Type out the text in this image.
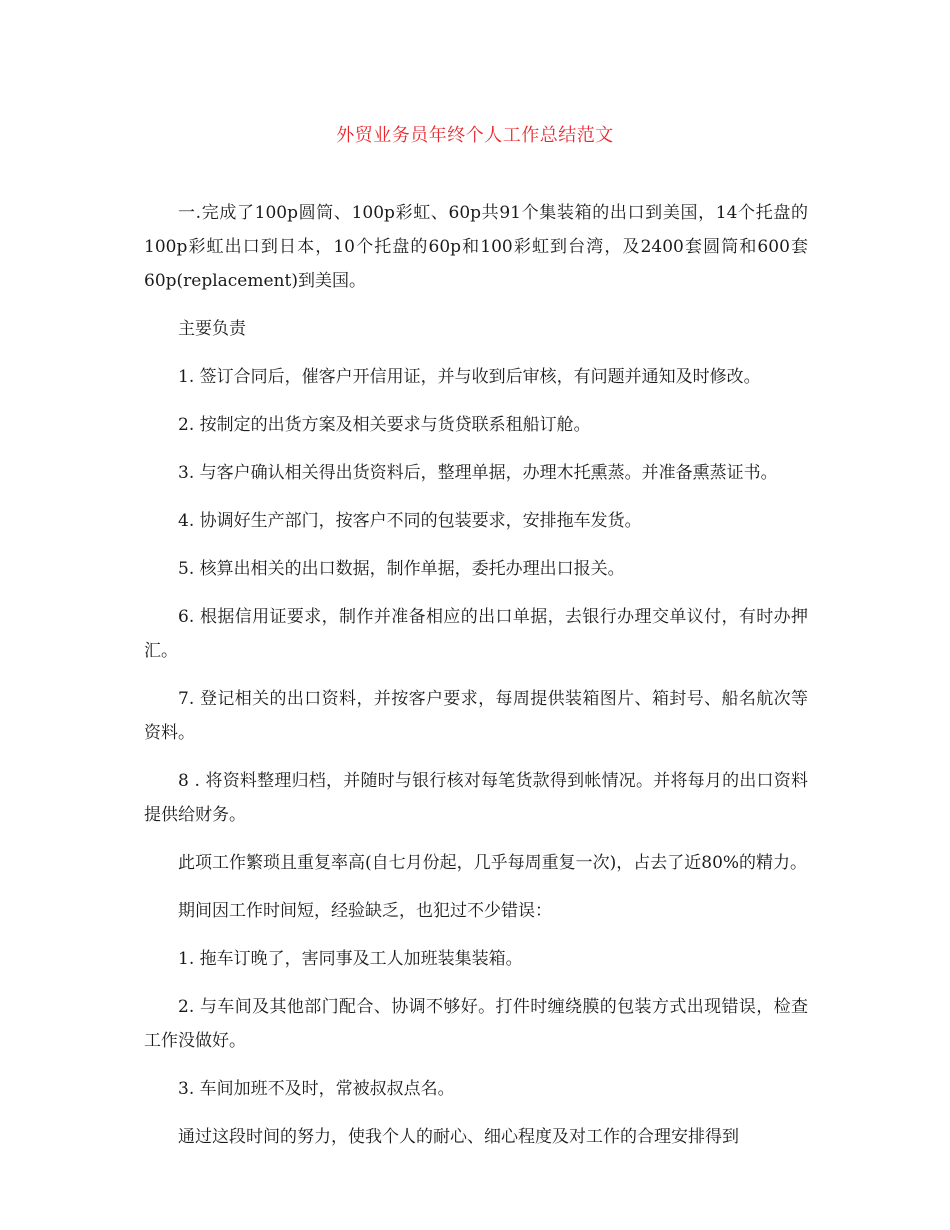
外贸业务员年终个人工作总结范文

一.完成了100p圆筒、100p彩虹、60p共91个集装箱的出口到美国，14个托盘的100p彩虹出口到日本，10个托盘的60p和100彩虹到台湾，及2400套圆筒和600套60p(replacement)到美国。

主要负责

1. 签订合同后，催客户开信用证，并与收到后审核，有问题并通知及时修改。

2. 按制定的出货方案及相关要求与货贷联系租船订舱。

3. 与客户确认相关得出货资料后，整理单据，办理木托熏蒸。并准备熏蒸证书。

4. 协调好生产部门，按客户不同的包装要求，安排拖车发货。

5. 核算出相关的出口数据，制作单据，委托办理出口报关。

6. 根据信用证要求，制作并准备相应的出口单据，去银行办理交单议付，有时办押汇。

7. 登记相关的出口资料，并按客户要求，每周提供装箱图片、箱封号、船名航次等资料。

8 . 将资料整理归档，并随时与银行核对每笔货款得到帐情况。并将每月的出口资料提供给财务。

此项工作繁琐且重复率高(自七月份起，几乎每周重复一次)，占去了近80%的精力。

期间因工作时间短，经验缺乏，也犯过不少错误：

1. 拖车订晚了，害同事及工人加班装集装箱。

2. 与车间及其他部门配合、协调不够好。打件时缠绕膜的包装方式出现错误，检查工作没做好。

3. 车间加班不及时，常被叔叔点名。

通过这段时间的努力，使我个人的耐心、细心程度及对工作的合理安排得到
